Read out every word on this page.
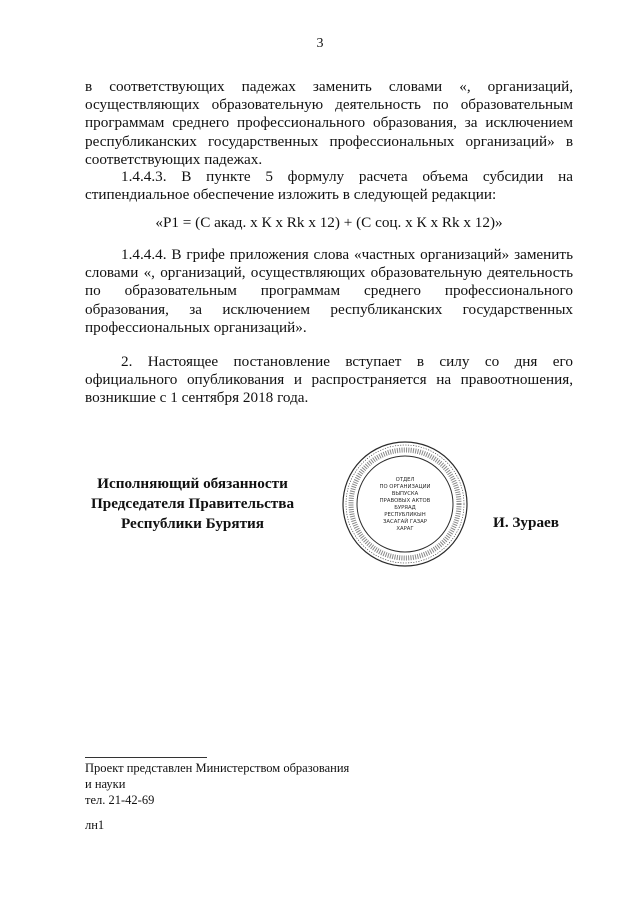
3

в соответствующих падежах заменить словами «, организаций, осуществляющих образовательную деятельность по образовательным программам среднего профессионального образования, за исключением республиканских государственных профессиональных организаций» в соответствующих падежах.

1.4.4.3. В пункте 5 формулу расчета объема субсидии на стипендиальное обеспечение изложить в следующей редакции:

«P1 = (С акад. x К x Rk x 12) + (С соц. x К x Rk x 12)»

1.4.4.4. В грифе приложения слова «частных организаций» заменить словами «, организаций, осуществляющих образовательную деятельность по образовательным программам среднего профессионального образования, за исключением республиканских государственных профессиональных организаций».

2. Настоящее постановление вступает в силу со дня его официального опубликования и распространяется на правоотношения, возникшие с 1 сентября 2018 года.

Исполняющий обязанности
Председателя Правительства
Республики Бурятия
ОТДЕЛ
ПО ОРГАНИЗАЦИИ
ВЫПУСКА
ПРАВОВЫХ АКТОВ
БУРЯАД
РЕСПУБЛИКЫН
ЗАСАГАЙ ГАЗАР
ХАРАГ	И. Зураев
Проект представлен Министерством образования
и науки
тел. 21-42-69
лн1
